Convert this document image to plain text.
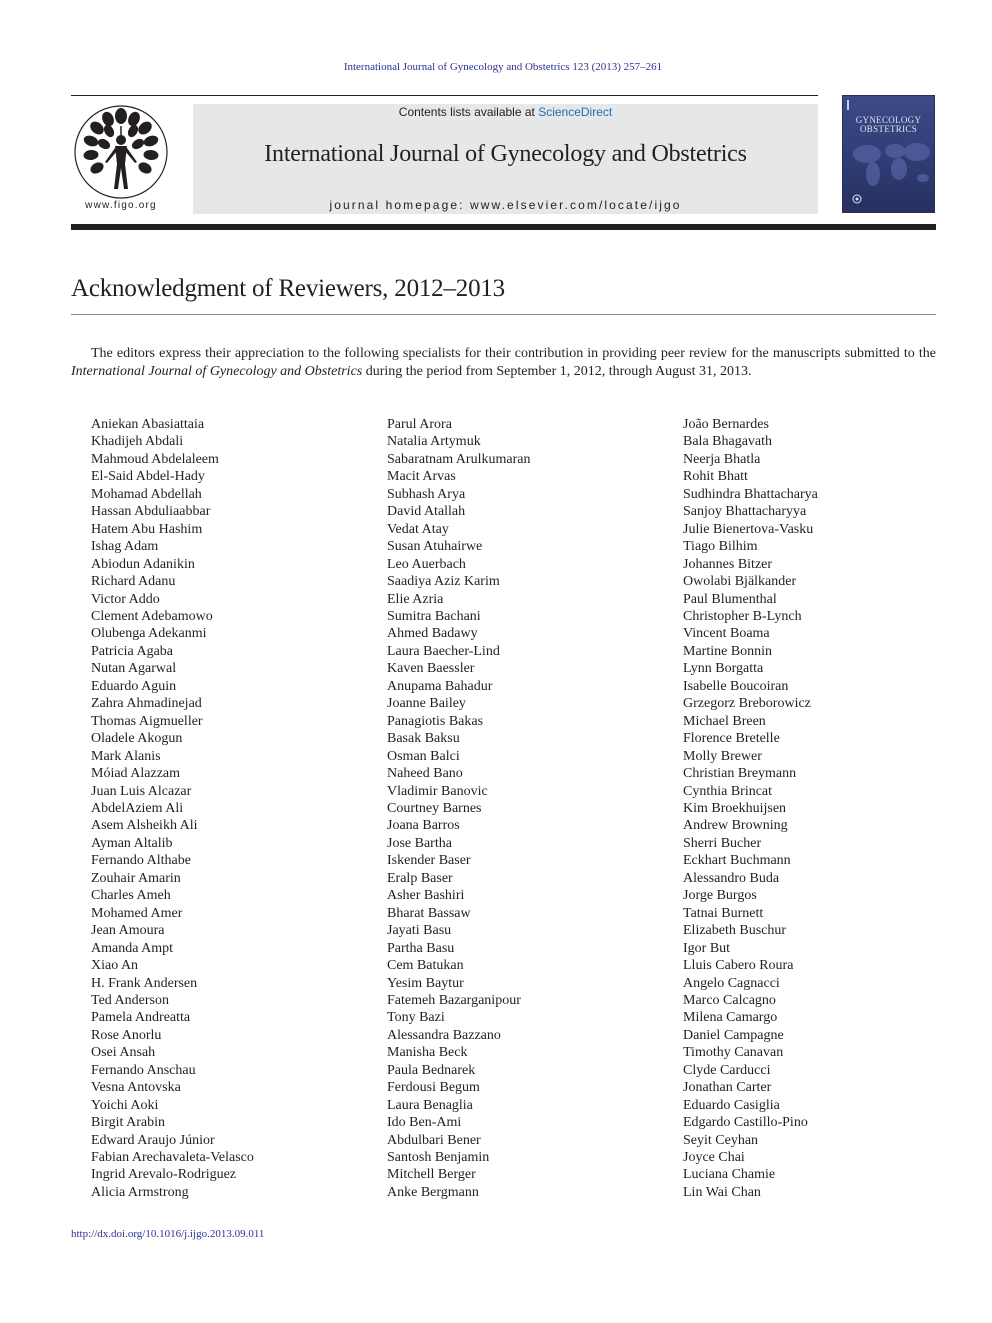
International Journal of Gynecology and Obstetrics 123 (2013) 257–261
www.figo.org
Contents lists available at ScienceDirect
International Journal of Gynecology and Obstetrics
journal homepage: www.elsevier.com/locate/ijgo
GYNECOLOGY
OBSTETRICS
Acknowledgment of Reviewers, 2012–2013

The editors express their appreciation to the following specialists for their contribution in providing peer review for the manuscripts submitted to the International Journal of Gynecology and Obstetrics during the period from September 1, 2012, through August 31, 2013.

Aniekan Abasiattaia
Khadijeh Abdali
Mahmoud Abdelaleem
El-Said Abdel-Hady
Mohamad Abdellah
Hassan Abduliaabbar
Hatem Abu Hashim
Ishag Adam
Abiodun Adanikin
Richard Adanu
Victor Addo
Clement Adebamowo
Olubenga Adekanmi
Patricia Agaba
Nutan Agarwal
Eduardo Aguin
Zahra Ahmadinejad
Thomas Aigmueller
Oladele Akogun
Mark Alanis
Móiad Alazzam
Juan Luis Alcazar
AbdelAziem Ali
Asem Alsheikh Ali
Ayman Altalib
Fernando Althabe
Zouhair Amarin
Charles Ameh
Mohamed Amer
Jean Amoura
Amanda Ampt
Xiao An
H. Frank Andersen
Ted Anderson
Pamela Andreatta
Rose Anorlu
Osei Ansah
Fernando Anschau
Vesna Antovska
Yoichi Aoki
Birgit Arabin
Edward Araujo Júnior
Fabian Arechavaleta-Velasco
Ingrid Arevalo-Rodriguez
Alicia Armstrong
Parul Arora
Natalia Artymuk
Sabaratnam Arulkumaran
Macit Arvas
Subhash Arya
David Atallah
Vedat Atay
Susan Atuhairwe
Leo Auerbach
Saadiya Aziz Karim
Elie Azria
Sumitra Bachani
Ahmed Badawy
Laura Baecher-Lind
Kaven Baessler
Anupama Bahadur
Joanne Bailey
Panagiotis Bakas
Basak Baksu
Osman Balci
Naheed Bano
Vladimir Banovic
Courtney Barnes
Joana Barros
Jose Bartha
Iskender Baser
Eralp Baser
Asher Bashiri
Bharat Bassaw
Jayati Basu
Partha Basu
Cem Batukan
Yesim Baytur
Fatemeh Bazarganipour
Tony Bazi
Alessandra Bazzano
Manisha Beck
Paula Bednarek
Ferdousi Begum
Laura Benaglia
Ido Ben-Ami
Abdulbari Bener
Santosh Benjamin
Mitchell Berger
Anke Bergmann
João Bernardes
Bala Bhagavath
Neerja Bhatla
Rohit Bhatt
Sudhindra Bhattacharya
Sanjoy Bhattacharyya
Julie Bienertova-Vasku
Tiago Bilhim
Johannes Bitzer
Owolabi Bjälkander
Paul Blumenthal
Christopher B-Lynch
Vincent Boama
Martine Bonnin
Lynn Borgatta
Isabelle Boucoiran
Grzegorz Breborowicz
Michael Breen
Florence Bretelle
Molly Brewer
Christian Breymann
Cynthia Brincat
Kim Broekhuijsen
Andrew Browning
Sherri Bucher
Eckhart Buchmann
Alessandro Buda
Jorge Burgos
Tatnai Burnett
Elizabeth Buschur
Igor But
Lluis Cabero Roura
Angelo Cagnacci
Marco Calcagno
Milena Camargo
Daniel Campagne
Timothy Canavan
Clyde Carducci
Jonathan Carter
Eduardo Casiglia
Edgardo Castillo-Pino
Seyit Ceyhan
Joyce Chai
Luciana Chamie
Lin Wai Chan
http://dx.doi.org/10.1016/j.ijgo.2013.09.011
